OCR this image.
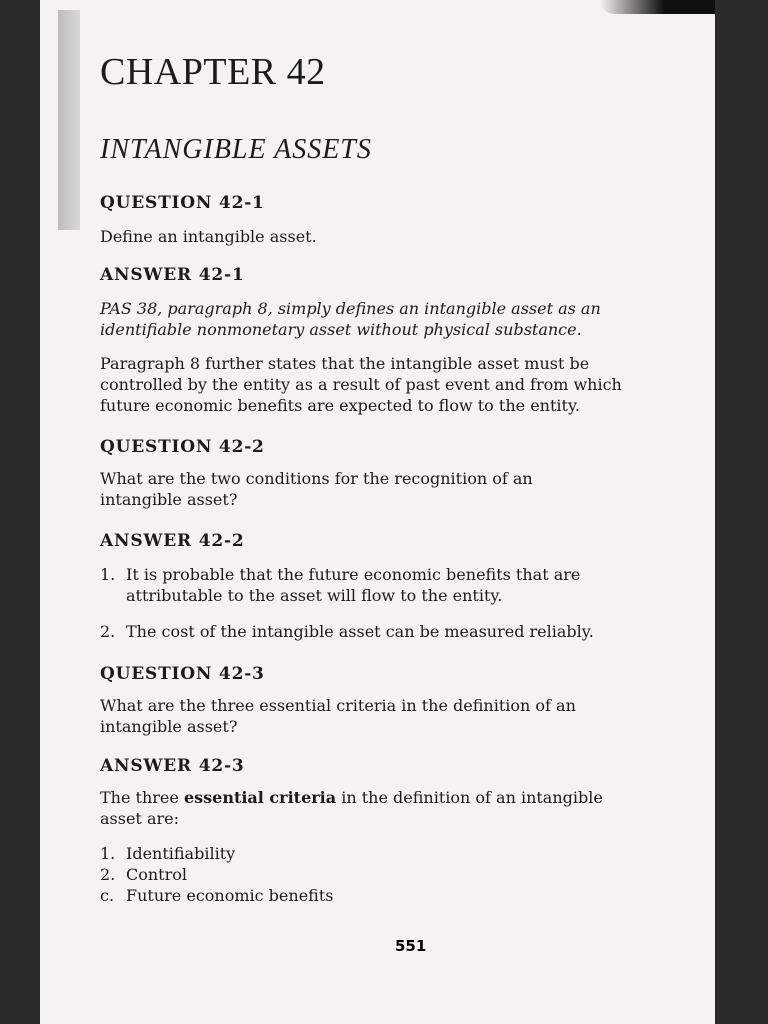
CHAPTER 42
INTANGIBLE ASSETS
QUESTION 42-1
Define an intangible asset.
ANSWER 42-1
PAS 38, paragraph 8, simply defines an intangible asset as an
identifiable nonmonetary asset without physical substance.
Paragraph 8 further states that the intangible asset must be
controlled by the entity as a result of past event and from which
future economic benefits are expected to flow to the entity.
QUESTION 42-2
What are the two conditions for the recognition of an
intangible asset?
ANSWER 42-2
1. It is probable that the future economic benefits that are
attributable to the asset will flow to the entity.
2. The cost of the intangible asset can be measured reliably.
QUESTION 42-3
What are the three essential criteria in the definition of an
intangible asset?
ANSWER 42-3
The three essential criteria in the definition of an intangible
asset are:
1. Identifiability
2. Control
c. Future economic benefits
551
